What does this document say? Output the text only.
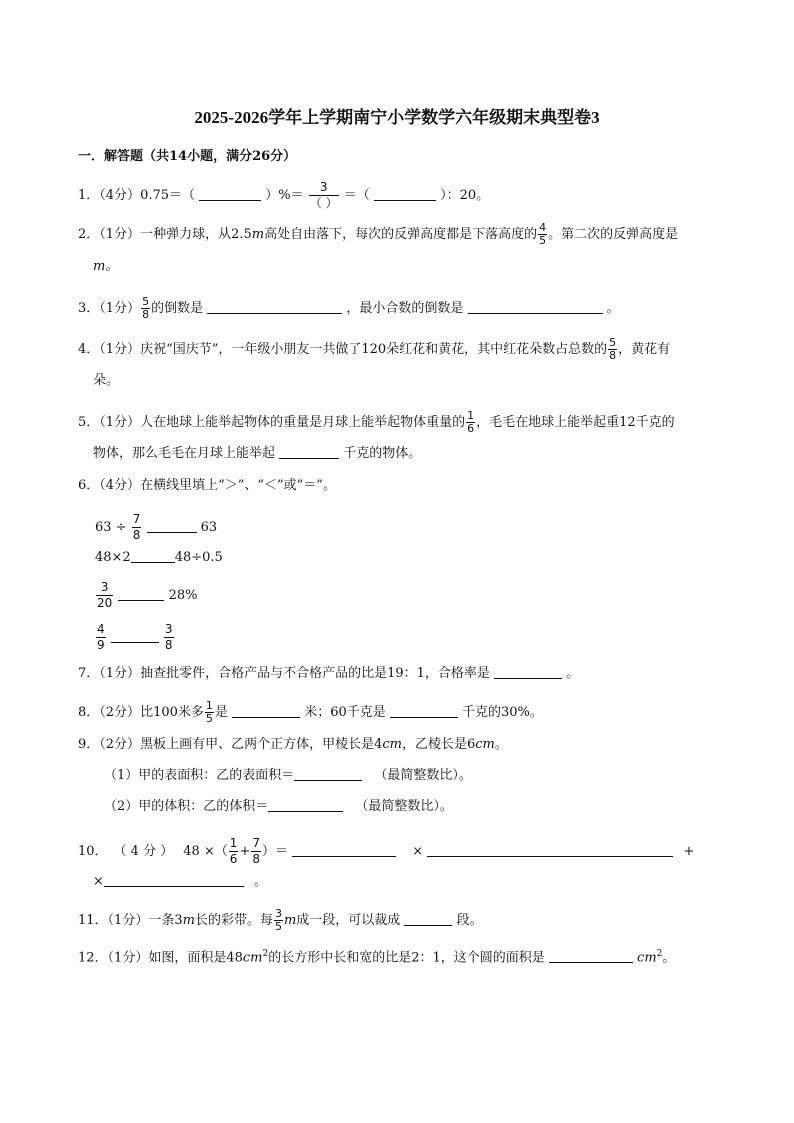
2025-2026学年上学期南宁小学数学六年级期末典型卷3
一．解答题（共14小题，满分26分）
1．（4分）0.75＝（	）%＝ $\frac{3}{( )}$ ＝（	）：20。
2．（1分）一种弹力球，从2.5m高处自由落下，每次的反弹高度都是下落高度的 $\frac{4}{5}$ 。第二次的反弹高度是
m。
3．（1分） $\frac{5}{8}$ 的倒数是	，最小合数的倒数是	。
4．（1分）庆祝“国庆节”，一年级小朋友一共做了120朵红花和黄花，其中红花朵数占总数的 $\frac{5}{8}$ ，黄花有
朵。
5．（1分）人在地球上能举起物体的重量是月球上能举起物体重量的 $\frac{1}{6}$ ，毛毛在地球上能举起重12千克的
物体，那么毛毛在月球上能举起	千克的物体。
6．（4分）在横线里填上“＞”、“＜”或“＝”。
$63 \div \frac{7}{8}$	63
48×2	48÷0.5
$\frac{3}{20}$	28%
$\frac{4}{9}$
	$\frac{3}{8}$
7．（1分）抽查批零件，合格产品与不合格产品的比是19：1，合格率是	。
8．（2分）比100米多 $\frac{1}{5}$ 是	米；60千克是	千克的30%。
9．（2分）黑板上画有甲、乙两个正方体，甲棱长是4cm，乙棱长是6cm。
（1）甲的表面积：乙的表面积＝	（最简整数比）。
（2）甲的体积：乙的体积＝	（最简整数比）。
10． （ 4 分 ） 48 ×（ $\frac{1}{6} + \frac{7}{8}$ ）＝	×	+
×	。
11．（1分）一条3m长的彩带。每 $\frac{3}{5}$ m成一段，可以裁成	段。
12．（1分）如图，面积是$48cm^2$的长方形中长和宽的比是2：1，这个圆的面积是	$cm^2$。
